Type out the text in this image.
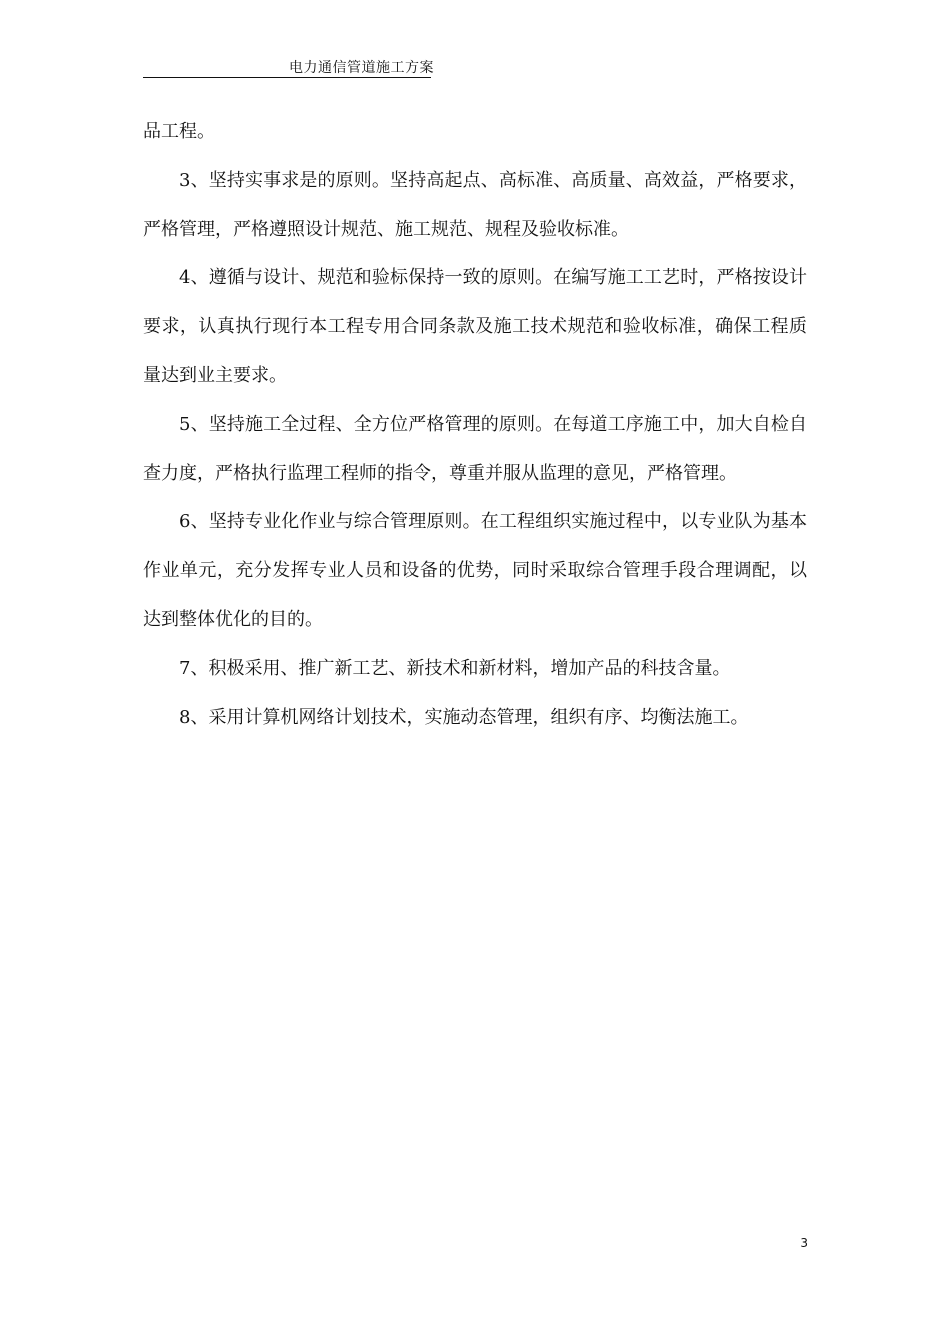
电力通信管道施工方案

品工程。

3、坚持实事求是的原则。坚持高起点、高标准、高质量、高效益，严格要求，严格管理，严格遵照设计规范、施工规范、规程及验收标准。

4、遵循与设计、规范和验标保持一致的原则。在编写施工工艺时，严格按设计要求，认真执行现行本工程专用合同条款及施工技术规范和验收标准，确保工程质量达到业主要求。

5、坚持施工全过程、全方位严格管理的原则。在每道工序施工中，加大自检自查力度，严格执行监理工程师的指令，尊重并服从监理的意见，严格管理。

6、坚持专业化作业与综合管理原则。在工程组织实施过程中，以专业队为基本作业单元，充分发挥专业人员和设备的优势，同时采取综合管理手段合理调配，以达到整体优化的目的。

7、积极采用、推广新工艺、新技术和新材料，增加产品的科技含量。

8、采用计算机网络计划技术，实施动态管理，组织有序、均衡法施工。

3
